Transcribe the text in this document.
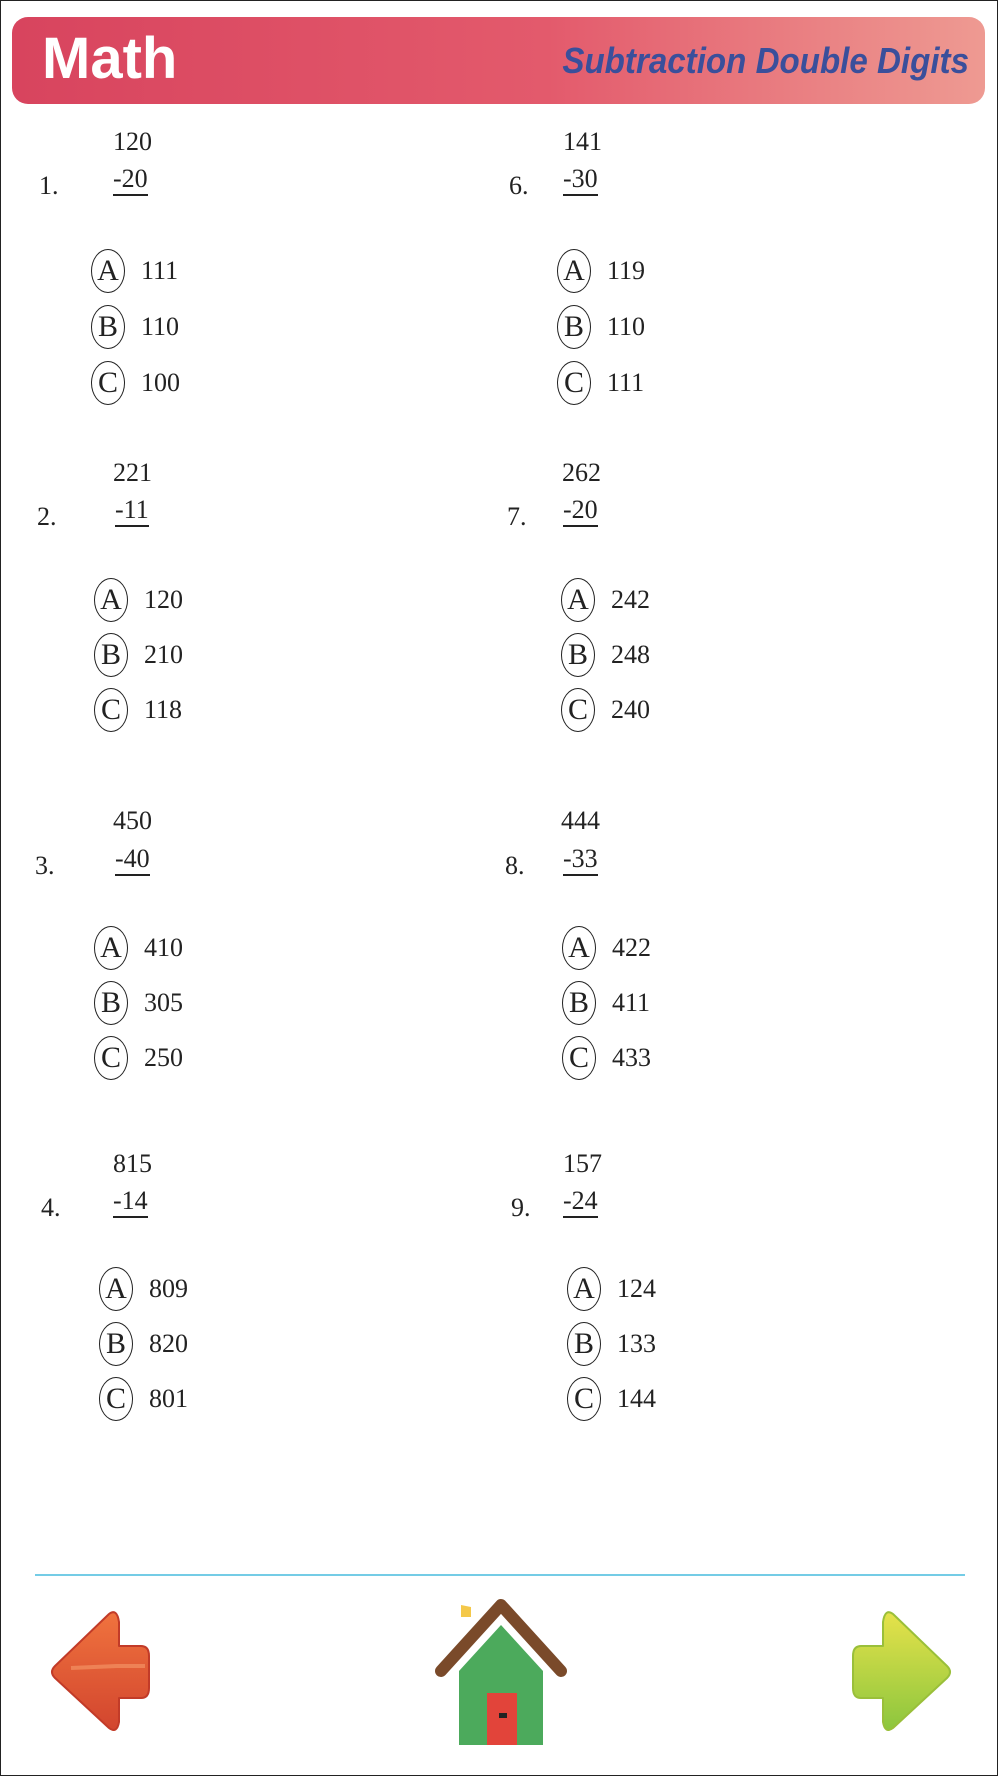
Math	Subtraction Double Digits
1.
120
-20
A 111
B 110
C 100
2.
221
-11
A 120
B 210
C 118
3.
450
-40
A 410
B 305
C 250
4.
815
-14
A 809
B 820
C 801
6.
141
-30
A 119
B 110
C 111
7.
262
-20
A 242
B 248
C 240
8.
444
-33
A 422
B 411
C 433
9.
157
-24
A 124
B 133
C 144
